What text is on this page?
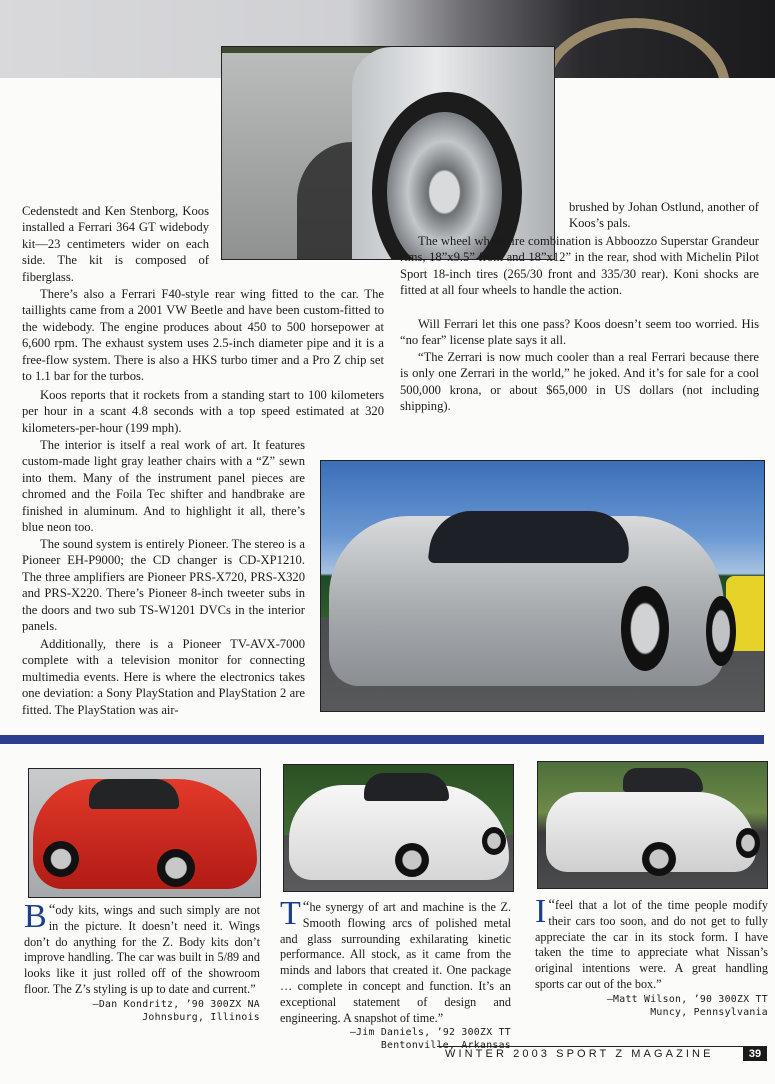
Cedenstedt and Ken Stenborg, Koos installed a Ferrari 364 GT widebody kit—23 centimeters wider on each side. The kit is composed of fiberglass.

There’s also a Ferrari F40-style rear wing fitted to the car. The taillights came from a 2001 VW Beetle and have been custom-fitted to the widebody. The engine produces about 450 to 500 horsepower at 6,600 rpm. The exhaust system uses 2.5-inch diameter pipe and it is a free-flow system. There is also a HKS turbo timer and a Pro Z chip set to 1.1 bar for the turbos.

Koos reports that it rockets from a standing start to 100 kilometers per hour in a scant 4.8 seconds with a top speed estimated at 320 kilometers-per-hour (199 mph).

The interior is itself a real work of art. It features custom-made light gray leather chairs with a “Z” sewn into them. Many of the instrument panel pieces are chromed and the Foila Tec shifter and handbrake are finished in aluminum. And to highlight it all, there’s blue neon too.

The sound system is entirely Pioneer. The stereo is a Pioneer EH-P9000; the CD changer is CD-XP1210. The three amplifiers are Pioneer PRS-X720, PRS-X320 and PRS-X220. There’s Pioneer 8-inch tweeter subs in the doors and two sub TS-W1201 DVCs in the interior panels.

Additionally, there is a Pioneer TV-AVX-7000 complete with a television monitor for connecting multimedia events. Here is where the electronics takes one deviation: a Sony PlayStation and PlayStation 2 are fitted. The PlayStation was air-

brushed by Johan Ostlund, another of Koos’s pals.

The wheel wheel/tire combination is Abboozzo Superstar Grandeur rims, 18”x9.5” front and 18”x12” in the rear, shod with Michelin Pilot Sport 18-inch tires (265/30 front and 335/30 rear). Koni shocks are fitted at all four wheels to handle the action.

Will Ferrari let this one pass? Koos doesn’t seem too worried. His “no fear” license plate says it all.

“The Zerrari is now much cooler than a real Ferrari because there is only one Zerrari in the world,” he joked. And it’s for sale for a cool 500,000 krona, or about $65,000 in US dollars (not including shipping).

“
B ody kits, wings and such simply are not in the picture. It doesn’t need it. Wings don’t do anything for the Z. Body kits don’t improve handling. The car was built in 5/89 and looks like it just rolled off of the showroom floor. The Z’s styling is up to date and current.”

—Dan Kondritz, ’90 300ZX NA

Johnsburg, Illinois

“
T he synergy of art and machine is the Z. Smooth flowing arcs of polished metal and glass surrounding exhilarating kinetic performance. All stock, as it came from the minds and labors that created it. One package … complete in concept and function. It’s an exceptional statement of design and engineering. A snapshot of time.”

—Jim Daniels, ’92 300ZX TT

Bentonville, Arkansas

“
I feel that a lot of the time people modify their cars too soon, and do not get to fully appreciate the car in its stock form. I have taken the time to appreciate what Nissan’s original intentions were. A great handling sports car out of the box.”

—Matt Wilson, ’90 300ZX TT

Muncy, Pennsylvania

WINTER 2003 SPORT Z MAGAZINE	39
